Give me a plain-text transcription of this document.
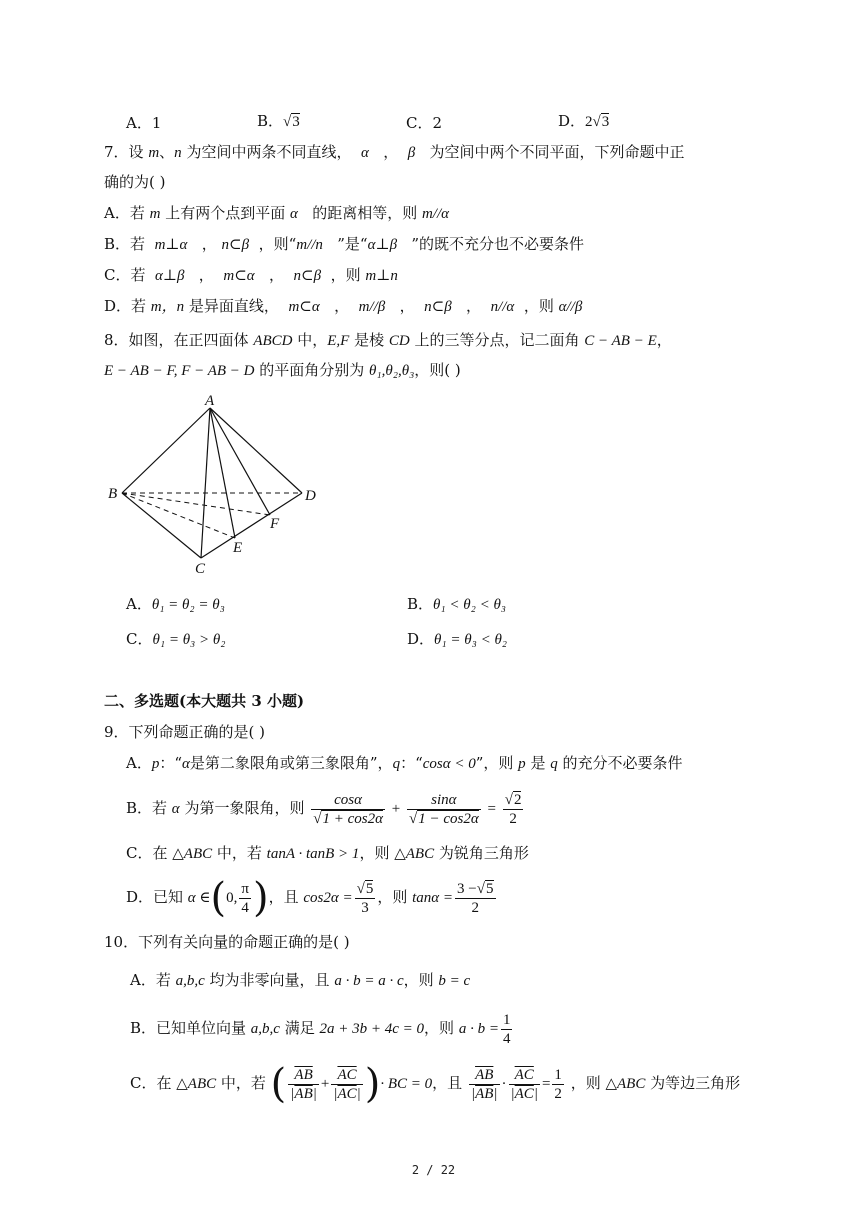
A．1	B．√3	C．2	D．2√3
7．设 m、n 为空间中两条不同直线， α ， β 为空间中两个不同平面，下列命题中正
确的为( )
A．若 m 上有两个点到平面 α   的距离相等，则 m//α
B．若  m⊥α ， n⊂β ，则“m//n ”是“α⊥β ”的既不充分也不必要条件
C．若  α⊥β ， m⊂α ， n⊂β ，则 m⊥n
D．若 m，n 是异面直线， m⊂α ， m//β ， n⊂β ， n//α ，则 α//β
8．如图，在正四面体 ABCD 中，E,F 是棱 CD 上的三等分点，记二面角 C − AB − E，
E − AB − F, F − AB − D 的平面角分别为 θ₁,θ₂,θ₃，则( )
A
B
C
D
E
F
A．θ₁ = θ₂ = θ₃	B．θ₁ < θ₂ < θ₃
C．θ₁ = θ₃ > θ₂	D．θ₁ = θ₃ < θ₂
二、多选题(本大题共 3 小题)
9．下列命题正确的是( )
A．p：“α是第二象限角或第三象限角”，q：“cosα < 0”，则 p 是 q 的充分不必要条件
B．若 α 为第一象限角，则 $\frac{\cos\alpha}{√1 + \cos 2\alpha} + \frac{\sin\alpha}{√1 - \cos 2\alpha} = \frac{√2}{2}$
C．在 △ABC 中，若 tanA · tanB > 1，则 △ABC 为锐角三角形
D．已知 α ∈(0, $\frac{\pi}{4}$ )，且 $\cos 2\alpha = \frac{√5}{3}$ ，则 $\tan\alpha = \frac{3 -√5}{2}$
10．下列有关向量的命题正确的是( )
A．若 a,b,c 均为非零向量，且 a · b = a · c，则 b = c
B．已知单位向量 a,b,c 满足 2a + 3b + 4c = 0，则 $a \cdot b = \frac{1}{4}$
C．在 △ABC 中，若 ( $\frac{\overline{AB}}{|\overline{AB}|} + \frac{\overline{AC}}{|\overline{AC}|}$ )· BC = 0，且 $\frac{\overline{AB}}{|\overline{AB}|} \cdot \frac{\overline{AC}}{|\overline{AC}|} = \frac{1}{2}$ ，则 △ABC 为等边三角形
2 / 22
